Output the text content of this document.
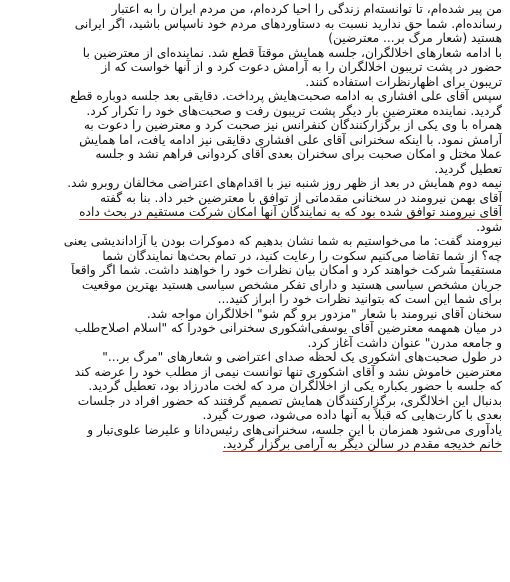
من پیر شده‌ام، تا توانسته‌ام زندگی را احیا کرده‌ام، من مردم ایران را به اعتبار
رسانده‌ام. شما حق ندارید نسبت به دستاوردهای مردم خود ناسپاس باشید، اگر ایرانی
هستید (شعار مرگ بر... معترضین)
با ادامه شعارهای اخلالگران، جلسه همایش موقتاً قطع شد. نماینده‌ای از معترضین با
حضور در پشت تریبون اخلالگران را به آرامش دعوت کرد و از آنها خواست که از
تریبون برای اظهارنظرات استفاده کنند.
سپس آقای علی افشاری به ادامه صحبت‌هایش پرداخت. دقایقی بعد جلسه دوباره قطع
گردید. نماینده معترضین بار دیگر پشت تریبون رفت و صحبت‌های خود را تکرار کرد.
همراه با وی یکی از برگزارکنندگان کنفرانس نیز صحبت کرد و معترضین را دعوت به
آرامش نمود. با اینکه سخنرانی آقای علی افشاری دقایقی نیز ادامه یافت، اما همایش
عملا مختل و امکان صحبت برای سخنران بعدی آقای کردوانی فراهم نشد و جلسه
تعطیل گردید.
نیمه دوم همایش در بعد از ظهر روز شنبه نیز با اقدام‌های اعتراضی مخالفان روبرو شد.
آقای بهمن نیرومند در سخنانی مقدماتی از توافق با معترضین خبر داد. بنا به گفته
آقای نیرومند توافق شده بود که به نمایندگان آنها امکان شرکت مستقیم در بحث داده
شود.
نیرومند گفت: ما می‌خواستیم به شما نشان بدهیم که دموکرات بودن یا آزاداندیشی یعنی
چه؟ از شما تقاضا می‌کنیم سکوت را رعایت کنید، در تمام بحث‌ها نمایندگان شما
مستقیماً شرکت خواهند کرد و امکان بیان نظرات خود را خواهند داشت. شما اگر واقعاً
جریان مشخص سیاسی هستید و دارای تفکر مشخص سیاسی هستید بهترین موقعیت
برای شما این است که بتوانید نظرات خود را ابراز کنید...
سخنان آقای نیرومند با شعار "مزدور برو گم شو" اخلالگران مواجه شد.
در میان همهمه معترضین آقای یوسفی‌اشکوری سخنرانی خودرا که "اسلام اصلاح‌طلب
و جامعه مدرن" عنوان داشت آغاز کرد.
در طول صحبت‌های اشکوری یک لحظه صدای اعتراضی و شعارهای "مرگ بر..."
معترضین خاموش نشد و آقای اشکوری تنها توانست نیمی از مطلب خود را عرضه کند
که جلسه با حضور یکباره یکی از اخلالگران مرد که لخت مادرزاد بود، تعطیل گردید.
بدنبال این اخلالگری، برگزارکنندگان همایش تصمیم گرفتند که حضور افراد در جلسات
بعدی با کارت‌هایی که قبلاً به آنها داده می‌شود، صورت گیرد.
یادآوری می‌شود همزمان با این جلسه، سخنرانی‌های رئیس‌دانا و علیرضا علوی‌تبار و
خانم خدیجه مقدم در سالن دیگر به آرامی برگزار گردید.
